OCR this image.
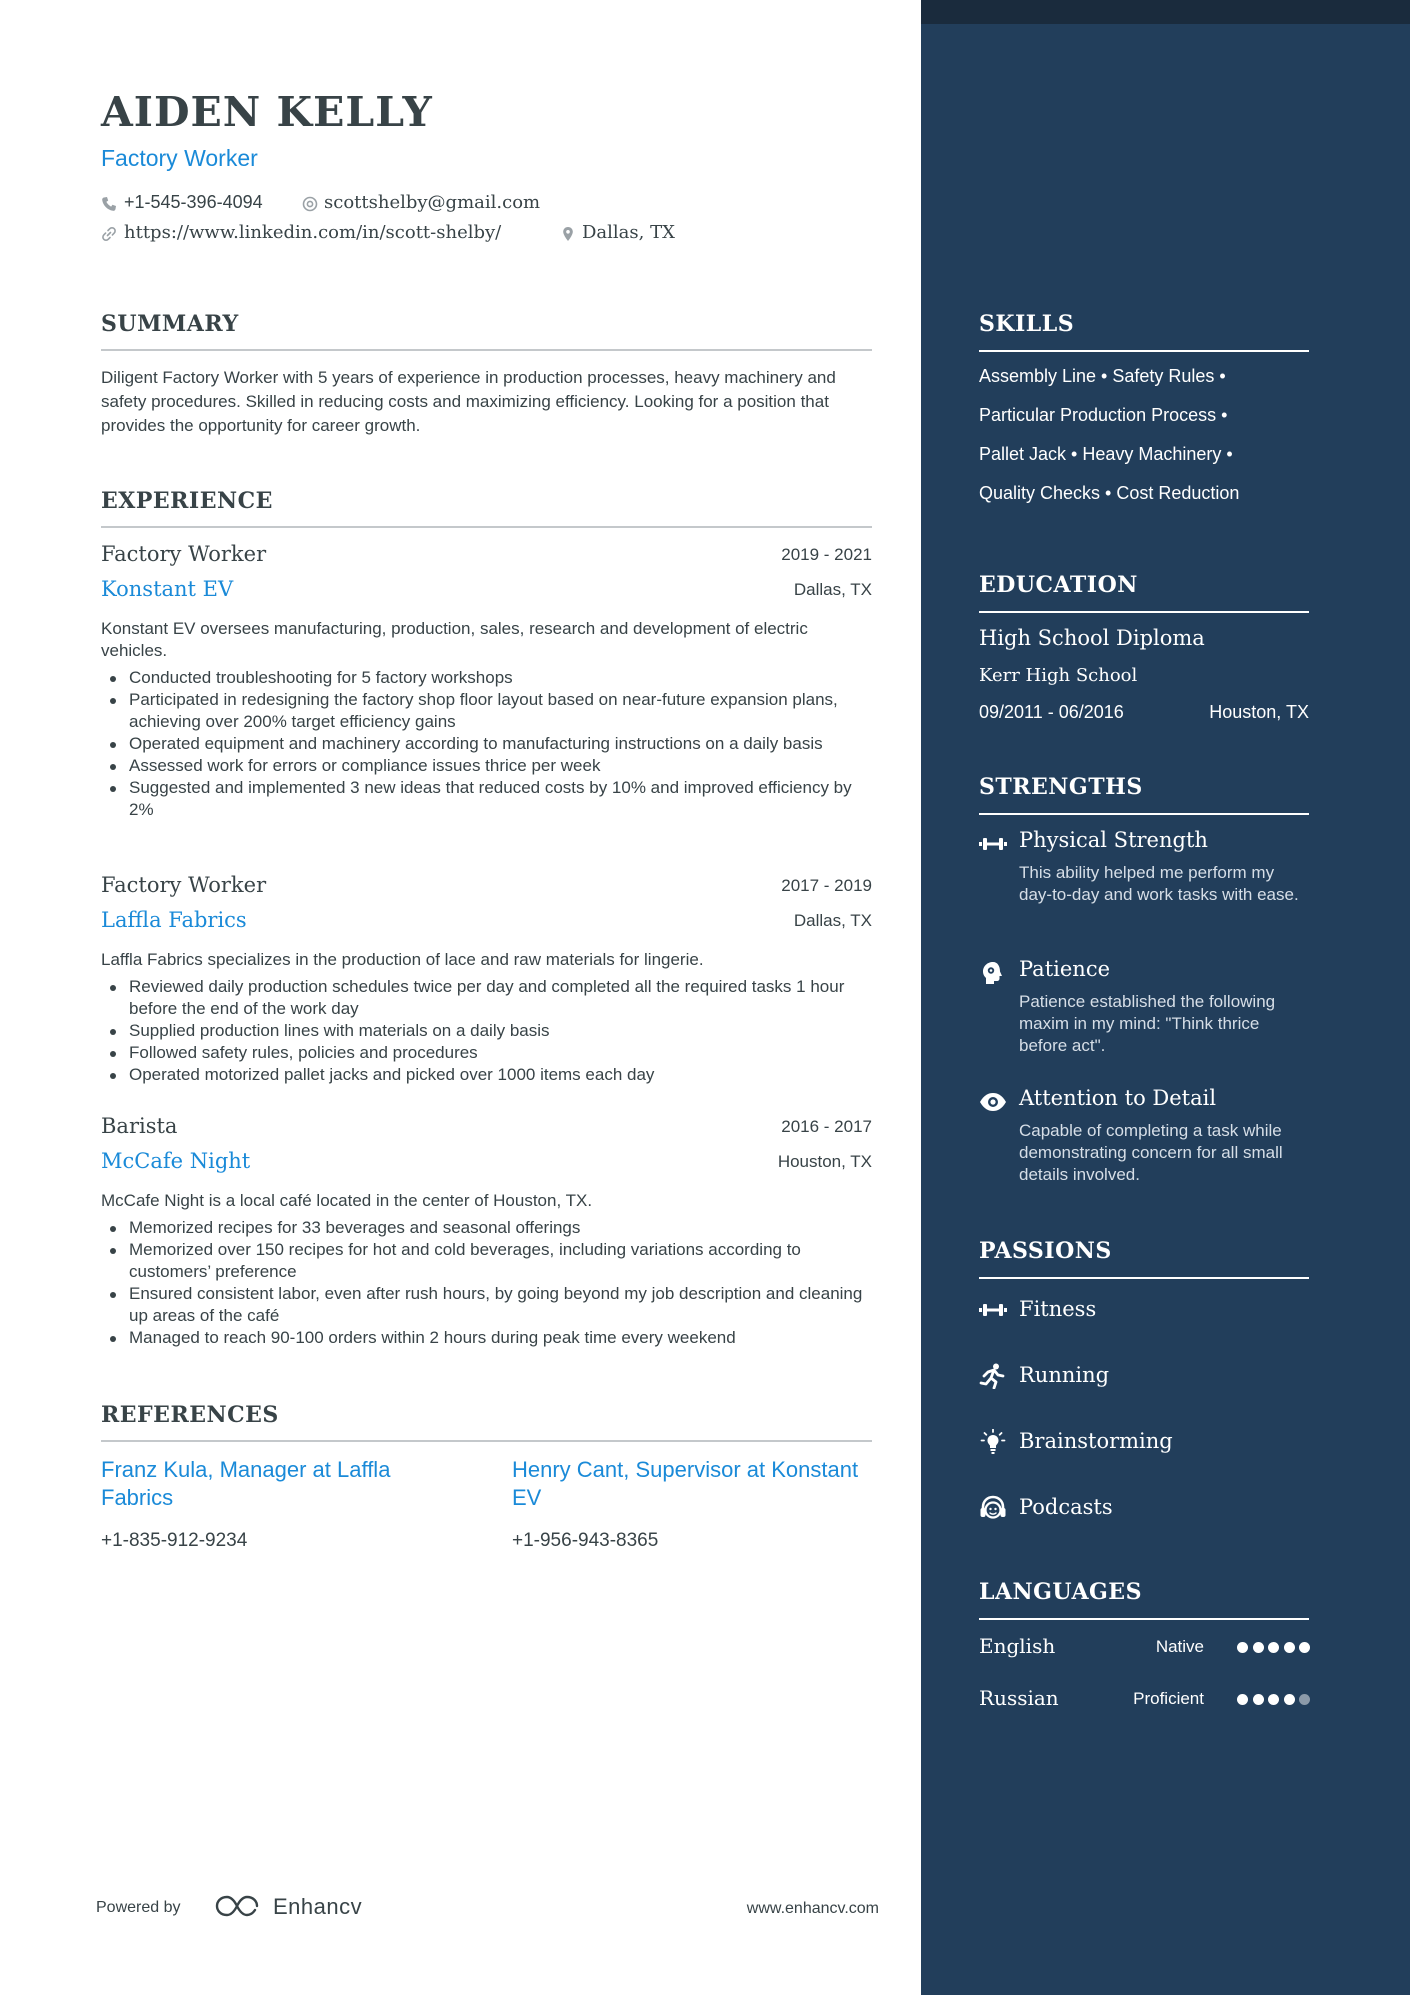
AIDEN KELLY
Factory Worker
+1-545-396-4094	scottshelby@gmail.com
https://www.linkedin.com/in/scott-shelby/	Dallas, TX
SUMMARY

Diligent Factory Worker with 5 years of experience in production processes, heavy machinery and safety procedures. Skilled in reducing costs and maximizing efficiency. Looking for a position that provides the opportunity for career growth.

EXPERIENCE
Factory Worker	2019 - 2021
Konstant EV	Dallas, TX
Konstant EV oversees manufacturing, production, sales, research and development of electric vehicles.
Conducted troubleshooting for 5 factory workshops
Participated in redesigning the factory shop floor layout based on near-future expansion plans, achieving over 200% target efficiency gains
Operated equipment and machinery according to manufacturing instructions on a daily basis
Assessed work for errors or compliance issues thrice per week
Suggested and implemented 3 new ideas that reduced costs by 10% and improved efficiency by 2%
Factory Worker	2017 - 2019
Laffla Fabrics	Dallas, TX
Laffla Fabrics specializes in the production of lace and raw materials for lingerie.
Reviewed daily production schedules twice per day and completed all the required tasks 1 hour before the end of the work day
Supplied production lines with materials on a daily basis
Followed safety rules, policies and procedures
Operated motorized pallet jacks and picked over 1000 items each day
Barista	2016 - 2017
McCafe Night	Houston, TX
McCafe Night is a local café located in the center of Houston, TX.
Memorized recipes for 33 beverages and seasonal offerings
Memorized over 150 recipes for hot and cold beverages, including variations according to customers’ preference
Ensured consistent labor, even after rush hours, by going beyond my job description and cleaning up areas of the café
Managed to reach 90-100 orders within 2 hours during peak time every weekend
REFERENCES
Franz Kula, Manager at Laffla Fabrics
+1-835-912-9234
Henry Cant, Supervisor at Konstant EV
+1-956-943-8365
Powered by	Enhancv	www.enhancv.com
SKILLS
Assembly Line • Safety Rules •
Particular Production Process •
Pallet Jack • Heavy Machinery •
Quality Checks • Cost Reduction
EDUCATION
High School Diploma
Kerr High School
09/2011 - 06/2016	Houston, TX
STRENGTHS
Physical Strength
This ability helped me perform my day-to-day and work tasks with ease.
Patience
Patience established the following maxim in my mind: "Think thrice before act".
Attention to Detail
Capable of completing a task while demonstrating concern for all small details involved.
PASSIONS
Fitness
Running
Brainstorming
Podcasts
LANGUAGES
English	Native
Russian	Proficient
